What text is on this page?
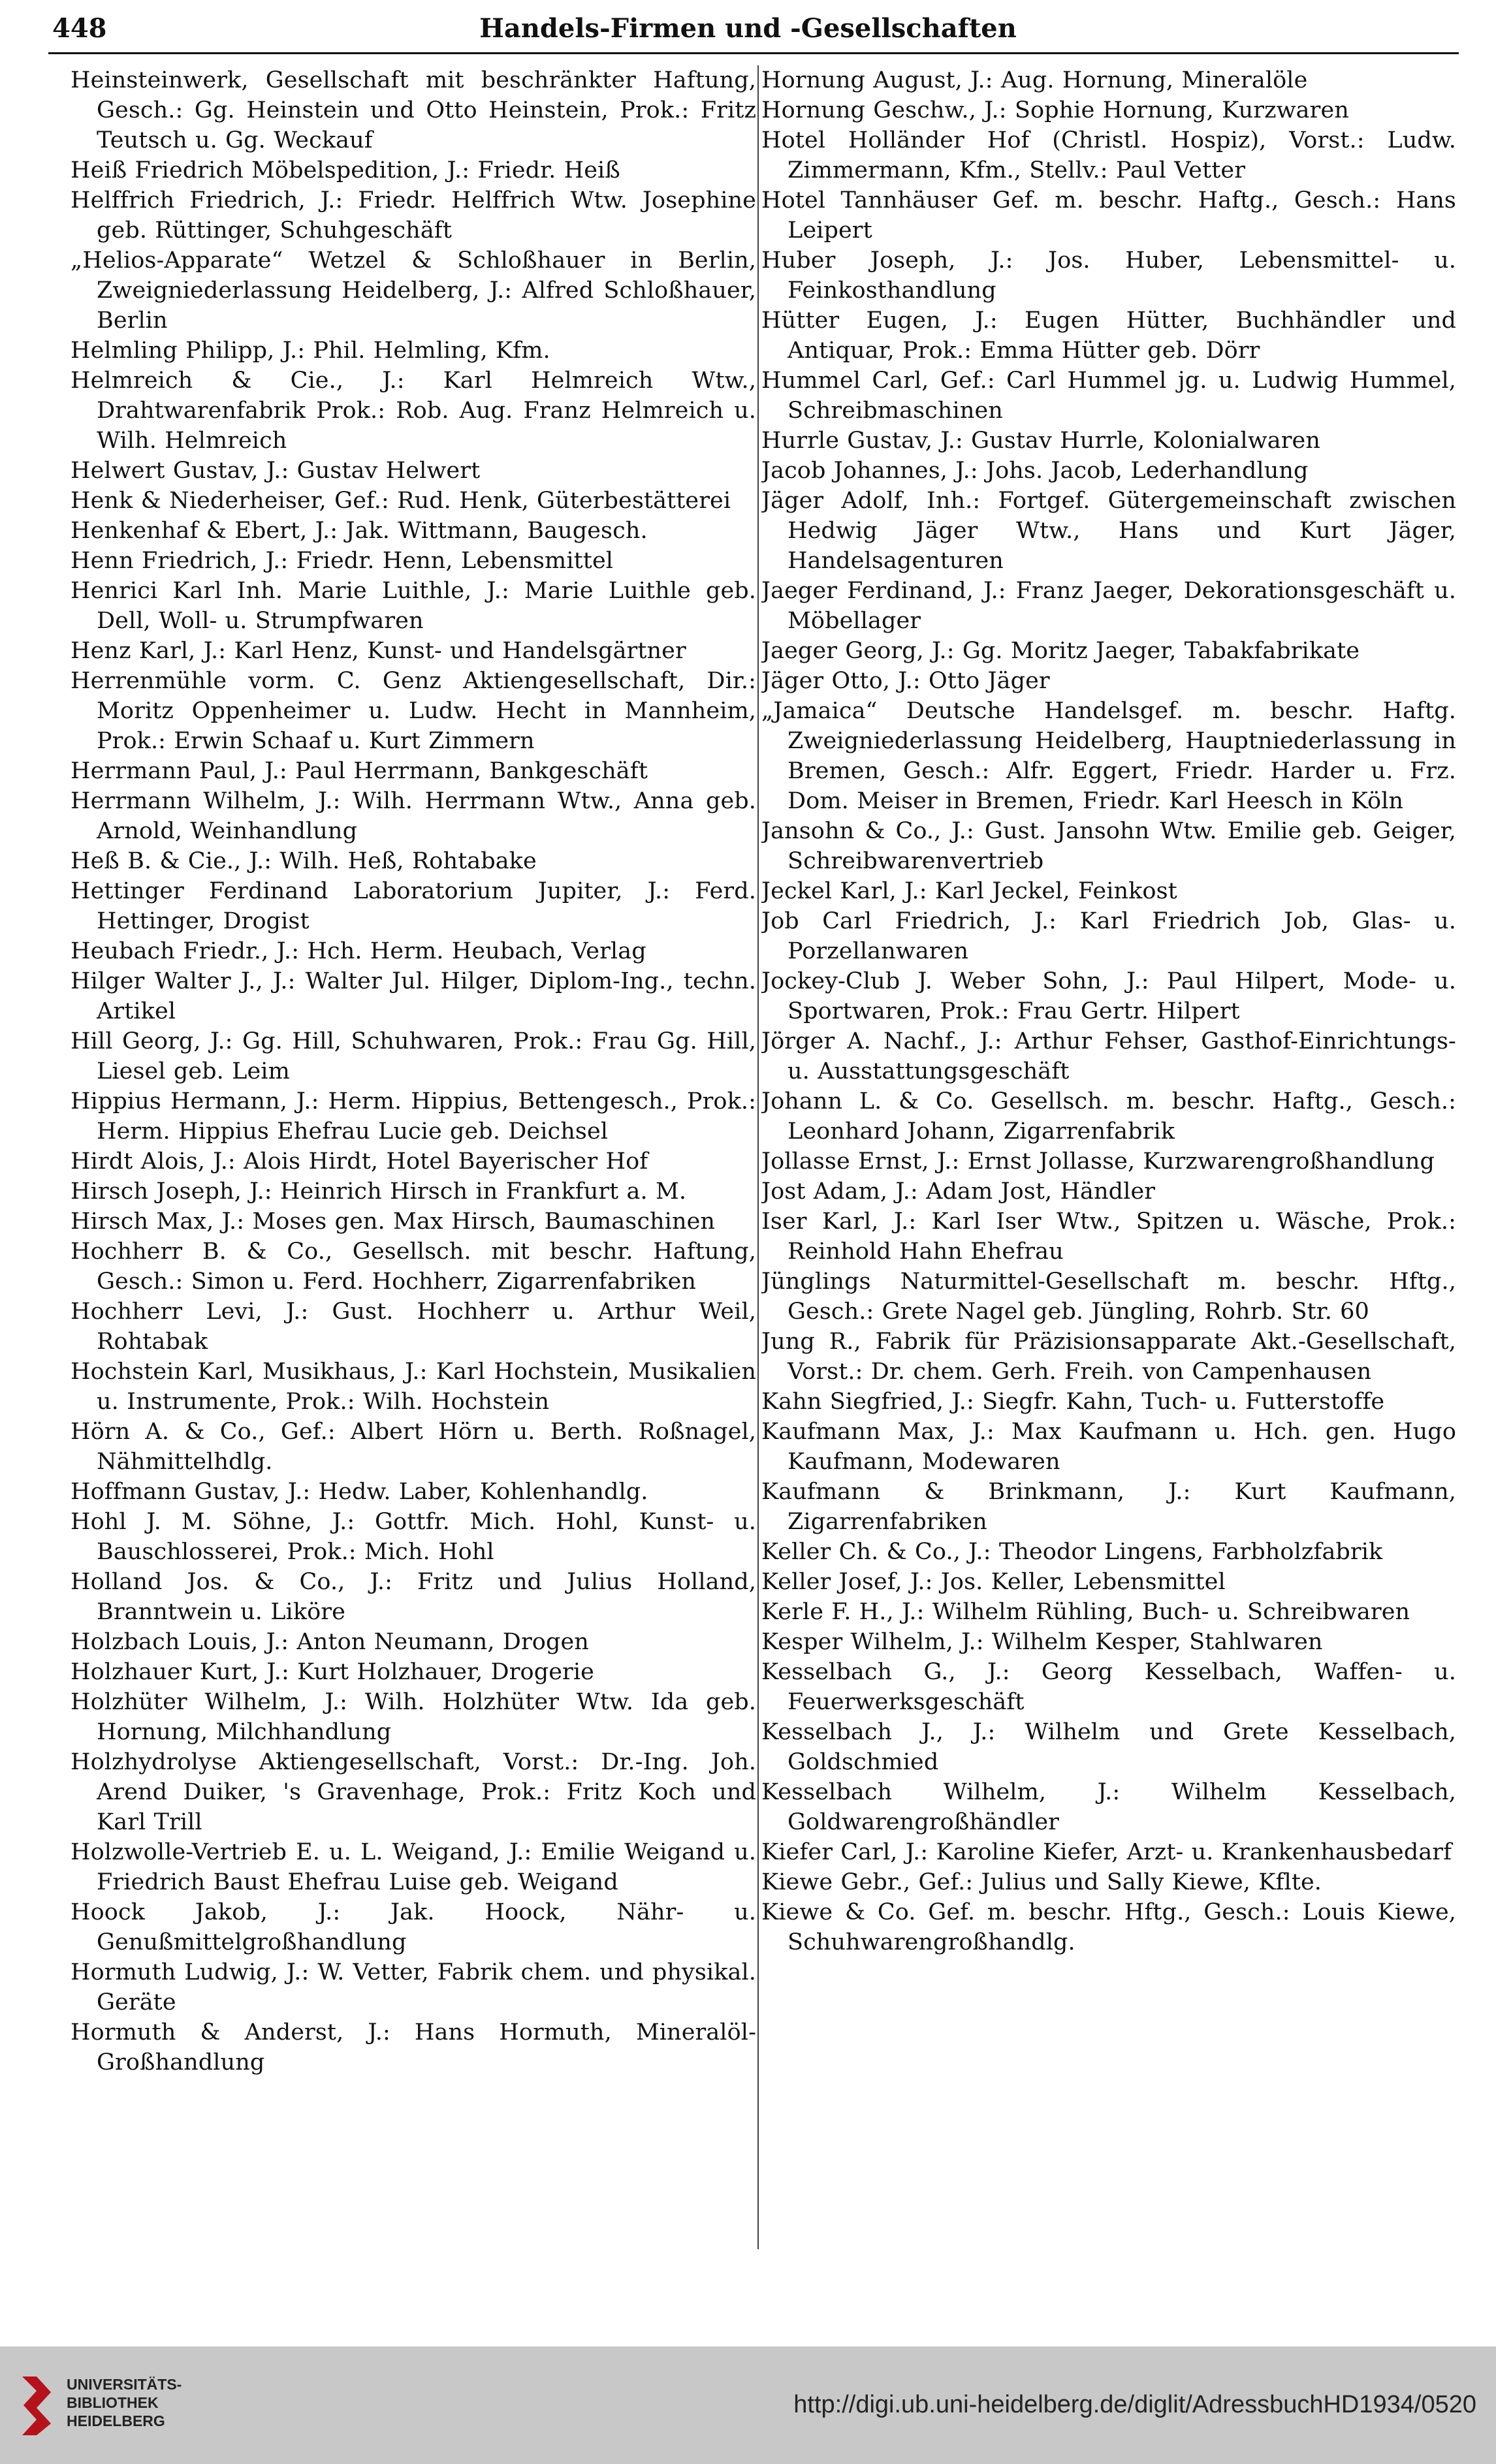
448	Handels-Firmen und -Gesellschaften
Heinsteinwerk, Gesellschaft mit beschränkter Haftung, Gesch.: Gg. Heinstein und Otto Heinstein, Prok.: Fritz Teutsch u. Gg. Weckauf
Heiß Friedrich Möbelspedition, J.: Friedr. Heiß
Helffrich Friedrich, J.: Friedr. Helffrich Wtw. Josephine geb. Rüttinger, Schuhgeschäft
„Helios-Apparate“ Wetzel & Schloßhauer in Berlin, Zweigniederlassung Heidelberg, J.: Alfred Schloßhauer, Berlin
Helmling Philipp, J.: Phil. Helmling, Kfm.
Helmreich & Cie., J.: Karl Helmreich Wtw., Drahtwarenfabrik Prok.: Rob. Aug. Franz Helmreich u. Wilh. Helmreich
Helwert Gustav, J.: Gustav Helwert
Henk & Niederheiser, Gef.: Rud. Henk, Güterbestätterei
Henkenhaf & Ebert, J.: Jak. Wittmann, Baugesch.
Henn Friedrich, J.: Friedr. Henn, Lebensmittel
Henrici Karl Inh. Marie Luithle, J.: Marie Luithle geb. Dell, Woll- u. Strumpfwaren
Henz Karl, J.: Karl Henz, Kunst- und Handelsgärtner
Herrenmühle vorm. C. Genz Aktiengesellschaft, Dir.: Moritz Oppenheimer u. Ludw. Hecht in Mannheim, Prok.: Erwin Schaaf u. Kurt Zimmern
Herrmann Paul, J.: Paul Herrmann, Bankgeschäft
Herrmann Wilhelm, J.: Wilh. Herrmann Wtw., Anna geb. Arnold, Weinhandlung
Heß B. & Cie., J.: Wilh. Heß, Rohtabake
Hettinger Ferdinand Laboratorium Jupiter, J.: Ferd. Hettinger, Drogist
Heubach Friedr., J.: Hch. Herm. Heubach, Verlag
Hilger Walter J., J.: Walter Jul. Hilger, Diplom-Ing., techn. Artikel
Hill Georg, J.: Gg. Hill, Schuhwaren, Prok.: Frau Gg. Hill, Liesel geb. Leim
Hippius Hermann, J.: Herm. Hippius, Bettengesch., Prok.: Herm. Hippius Ehefrau Lucie geb. Deichsel
Hirdt Alois, J.: Alois Hirdt, Hotel Bayerischer Hof
Hirsch Joseph, J.: Heinrich Hirsch in Frankfurt a. M.
Hirsch Max, J.: Moses gen. Max Hirsch, Baumaschinen
Hochherr B. & Co., Gesellsch. mit beschr. Haftung, Gesch.: Simon u. Ferd. Hochherr, Zigarrenfabriken
Hochherr Levi, J.: Gust. Hochherr u. Arthur Weil, Rohtabak
Hochstein Karl, Musikhaus, J.: Karl Hochstein, Musikalien u. Instrumente, Prok.: Wilh. Hochstein
Hörn A. & Co., Gef.: Albert Hörn u. Berth. Roßnagel, Nähmittelhdlg.
Hoffmann Gustav, J.: Hedw. Laber, Kohlenhandlg.
Hohl J. M. Söhne, J.: Gottfr. Mich. Hohl, Kunst- u. Bauschlosserei, Prok.: Mich. Hohl
Holland Jos. & Co., J.: Fritz und Julius Holland, Branntwein u. Liköre
Holzbach Louis, J.: Anton Neumann, Drogen
Holzhauer Kurt, J.: Kurt Holzhauer, Drogerie
Holzhüter Wilhelm, J.: Wilh. Holzhüter Wtw. Ida geb. Hornung, Milchhandlung
Holzhydrolyse Aktiengesellschaft, Vorst.: Dr.-Ing. Joh. Arend Duiker, 's Gravenhage, Prok.: Fritz Koch und Karl Trill
Holzwolle-Vertrieb E. u. L. Weigand, J.: Emilie Weigand u. Friedrich Baust Ehefrau Luise geb. Weigand
Hoock Jakob, J.: Jak. Hoock, Nähr- u. Genußmittelgroßhandlung
Hormuth Ludwig, J.: W. Vetter, Fabrik chem. und physikal. Geräte
Hormuth & Anderst, J.: Hans Hormuth, Mineralöl-Großhandlung
Hornung August, J.: Aug. Hornung, Mineralöle
Hornung Geschw., J.: Sophie Hornung, Kurzwaren
Hotel Holländer Hof (Christl. Hospiz), Vorst.: Ludw. Zimmermann, Kfm., Stellv.: Paul Vetter
Hotel Tannhäuser Gef. m. beschr. Haftg., Gesch.: Hans Leipert
Huber Joseph, J.: Jos. Huber, Lebensmittel- u. Feinkosthandlung
Hütter Eugen, J.: Eugen Hütter, Buchhändler und Antiquar, Prok.: Emma Hütter geb. Dörr
Hummel Carl, Gef.: Carl Hummel jg. u. Ludwig Hummel, Schreibmaschinen
Hurrle Gustav, J.: Gustav Hurrle, Kolonialwaren
Jacob Johannes, J.: Johs. Jacob, Lederhandlung
Jäger Adolf, Inh.: Fortgef. Gütergemeinschaft zwischen Hedwig Jäger Wtw., Hans und Kurt Jäger, Handelsagenturen
Jaeger Ferdinand, J.: Franz Jaeger, Dekorationsgeschäft u. Möbellager
Jaeger Georg, J.: Gg. Moritz Jaeger, Tabakfabrikate
Jäger Otto, J.: Otto Jäger
„Jamaica“ Deutsche Handelsgef. m. beschr. Haftg. Zweigniederlassung Heidelberg, Hauptniederlassung in Bremen, Gesch.: Alfr. Eggert, Friedr. Harder u. Frz. Dom. Meiser in Bremen, Friedr. Karl Heesch in Köln
Jansohn & Co., J.: Gust. Jansohn Wtw. Emilie geb. Geiger, Schreibwarenvertrieb
Jeckel Karl, J.: Karl Jeckel, Feinkost
Job Carl Friedrich, J.: Karl Friedrich Job, Glas- u. Porzellanwaren
Jockey-Club J. Weber Sohn, J.: Paul Hilpert, Mode- u. Sportwaren, Prok.: Frau Gertr. Hilpert
Jörger A. Nachf., J.: Arthur Fehser, Gasthof-Einrichtungs- u. Ausstattungsgeschäft
Johann L. & Co. Gesellsch. m. beschr. Haftg., Gesch.: Leonhard Johann, Zigarrenfabrik
Jollasse Ernst, J.: Ernst Jollasse, Kurzwarengroßhandlung
Jost Adam, J.: Adam Jost, Händler
Iser Karl, J.: Karl Iser Wtw., Spitzen u. Wäsche, Prok.: Reinhold Hahn Ehefrau
Jünglings Naturmittel-Gesellschaft m. beschr. Hftg., Gesch.: Grete Nagel geb. Jüngling, Rohrb. Str. 60
Jung R., Fabrik für Präzisionsapparate Akt.-Gesellschaft, Vorst.: Dr. chem. Gerh. Freih. von Campenhausen
Kahn Siegfried, J.: Siegfr. Kahn, Tuch- u. Futterstoffe
Kaufmann Max, J.: Max Kaufmann u. Hch. gen. Hugo Kaufmann, Modewaren
Kaufmann & Brinkmann, J.: Kurt Kaufmann, Zigarrenfabriken
Keller Ch. & Co., J.: Theodor Lingens, Farbholzfabrik
Keller Josef, J.: Jos. Keller, Lebensmittel
Kerle F. H., J.: Wilhelm Rühling, Buch- u. Schreibwaren
Kesper Wilhelm, J.: Wilhelm Kesper, Stahlwaren
Kesselbach G., J.: Georg Kesselbach, Waffen- u. Feuerwerksgeschäft
Kesselbach J., J.: Wilhelm und Grete Kesselbach, Goldschmied
Kesselbach Wilhelm, J.: Wilhelm Kesselbach, Goldwarengroßhändler
Kiefer Carl, J.: Karoline Kiefer, Arzt- u. Krankenhausbedarf
Kiewe Gebr., Gef.: Julius und Sally Kiewe, Kflte.
Kiewe & Co. Gef. m. beschr. Hftg., Gesch.: Louis Kiewe, Schuhwarengroßhandlg.
UNIVERSITÄTS-
BIBLIOTHEK
HEIDELBERG
http://digi.ub.uni-heidelberg.de/diglit/AdressbuchHD1934/0520
